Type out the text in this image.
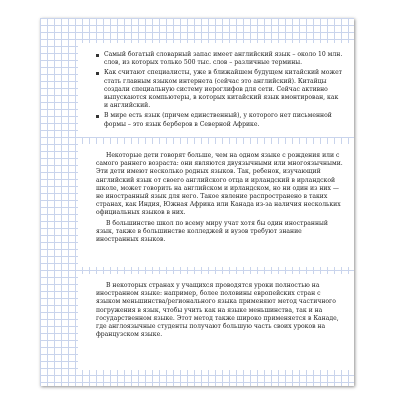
Самый богатый словарный запас имеет английский язык – около 10 млн. слов, из которых только 500 тыс. слов – различные термины.
Как считают специалисты, уже в ближайшем будущем китайский может стать главным языком интернета (сейчас это английский). Китайцы создали специальную систему иероглифов для сети. Сейчас активно выпускаются компьютеры, в которых китайский язык вмонтирован, как и английский.
В мире есть язык (причем единственный), у которого нет письменной формы – это язык берберов в Северной Африке.

Некоторые дети говорят больше, чем на одном языке с рождения или с самого раннего возраста: они являются двуязычными или многоязычными. Эти дети имеют несколько родных языков. Так, ребенок, изучающий английский язык от своего английского отца и ирландский в ирландской школе, может говорить на английском и ирландском, но ни один из них — не иностранный язык для него. Такое явление распространено в таких странах, как Индия, Южная Африка или Канада из-за наличия нескольких официальных языков в них.

В большинстве школ по всему миру учат хотя бы один иностранный язык, также в большинстве колледжей и вузов требуют знание иностранных языков.

В некоторых странах у учащихся проводятся уроки полностью на иностранном языке: например, более половины европейских стран с языком меньшинства/регионального языка применяют метод частичного погружения в язык, чтобы учить как на языке меньшинства, так и на государственном языке. Этот метод также широко применяется в Канаде, где англоязычные студенты получают большую часть своих уроков на французском языке.
